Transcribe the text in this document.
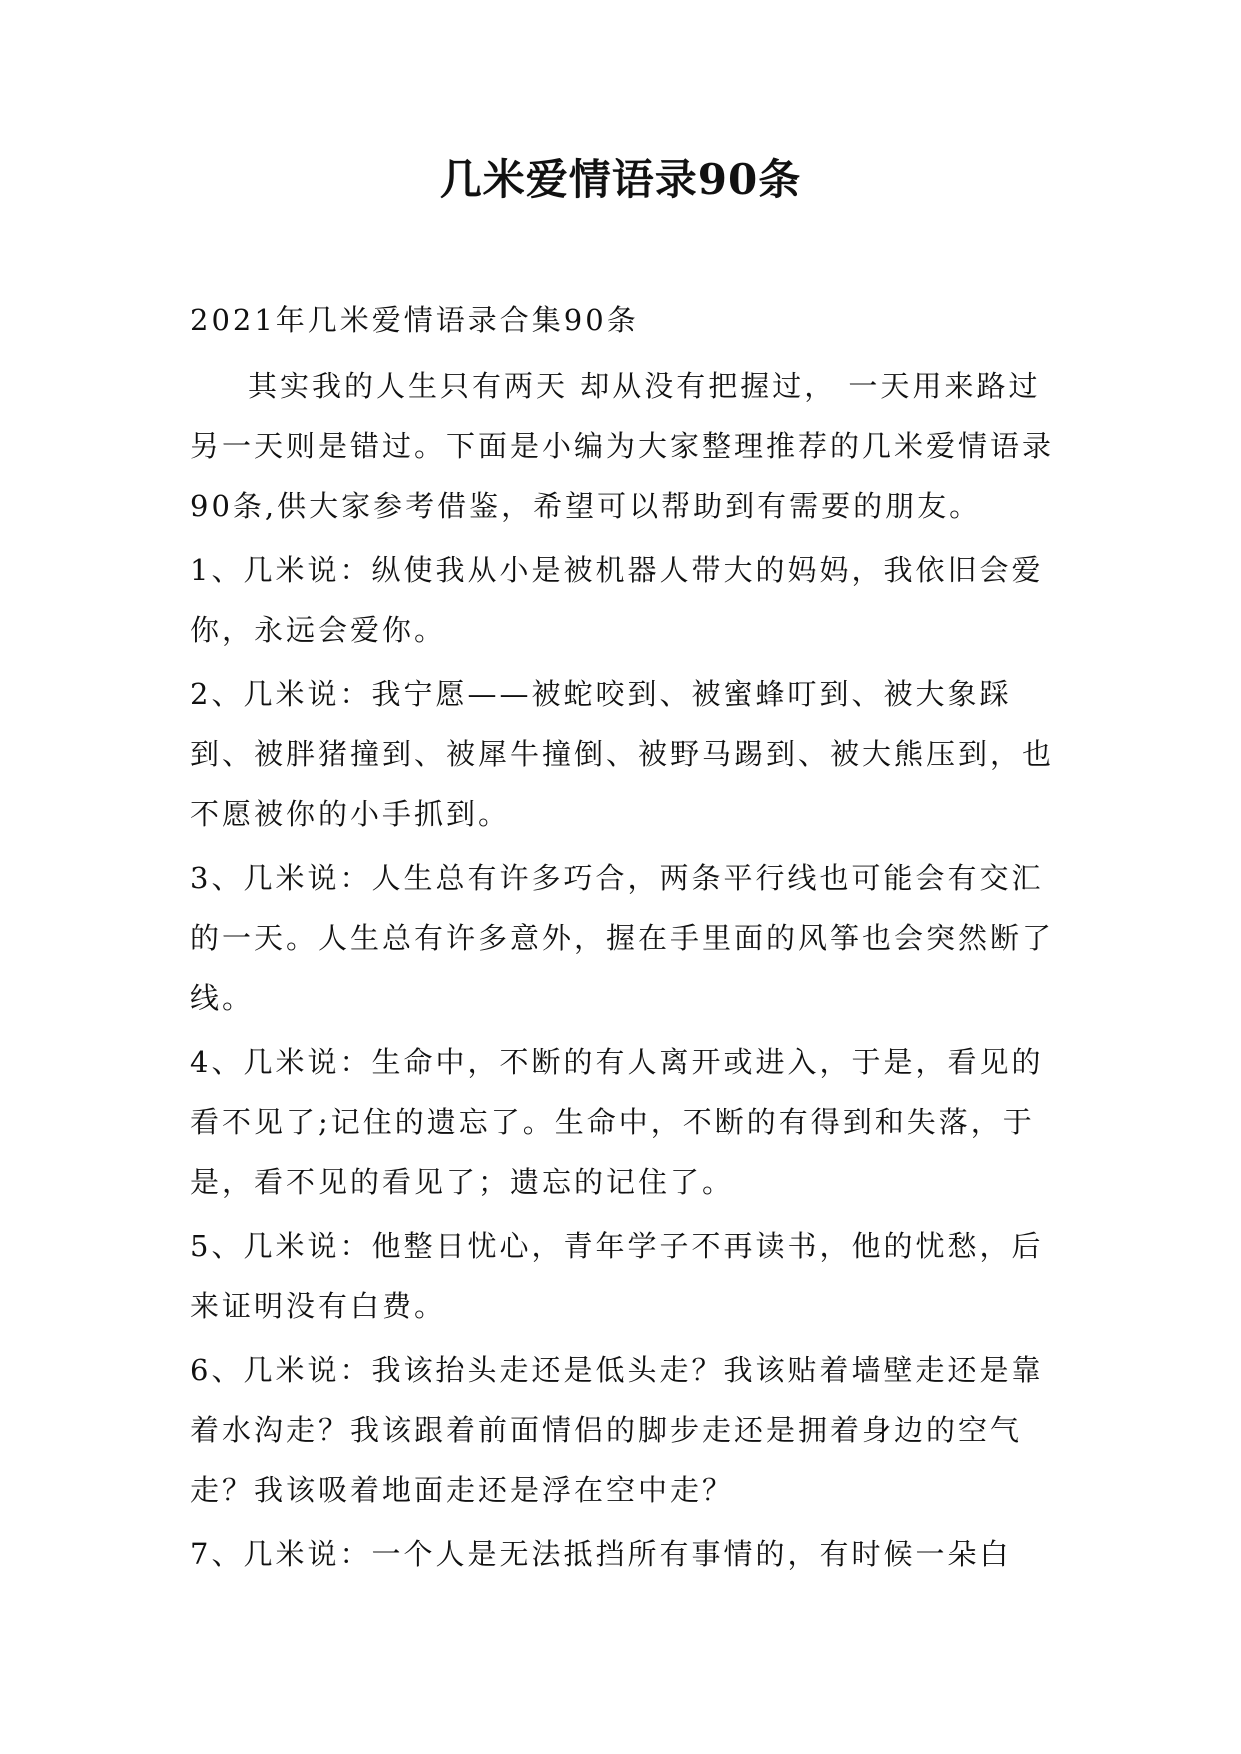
几米爱情语录90条

2021年几米爱情语录合集90条

其实我的人生只有两天 却从没有把握过， 一天用来路过 另一天则是错过。下面是小编为大家整理推荐的几米爱情语录90条,供大家参考借鉴，希望可以帮助到有需要的朋友。

1、几米说：纵使我从小是被机器人带大的妈妈，我依旧会爱你，永远会爱你。

2、几米说：我宁愿——被蛇咬到、被蜜蜂叮到、被大象踩到、被胖猪撞到、被犀牛撞倒、被野马踢到、被大熊压到，也不愿被你的小手抓到。

3、几米说：人生总有许多巧合，两条平行线也可能会有交汇的一天。人生总有许多意外，握在手里面的风筝也会突然断了线。

4、几米说：生命中，不断的有人离开或进入，于是，看见的看不见了;记住的遗忘了。生命中，不断的有得到和失落，于是，看不见的看见了；遗忘的记住了。

5、几米说：他整日忧心，青年学子不再读书，他的忧愁，后来证明没有白费。

6、几米说：我该抬头走还是低头走？我该贴着墙壁走还是靠着水沟走？我该跟着前面情侣的脚步走还是拥着身边的空气走？我该吸着地面走还是浮在空中走？

7、几米说：一个人是无法抵挡所有事情的，有时候一朵白
